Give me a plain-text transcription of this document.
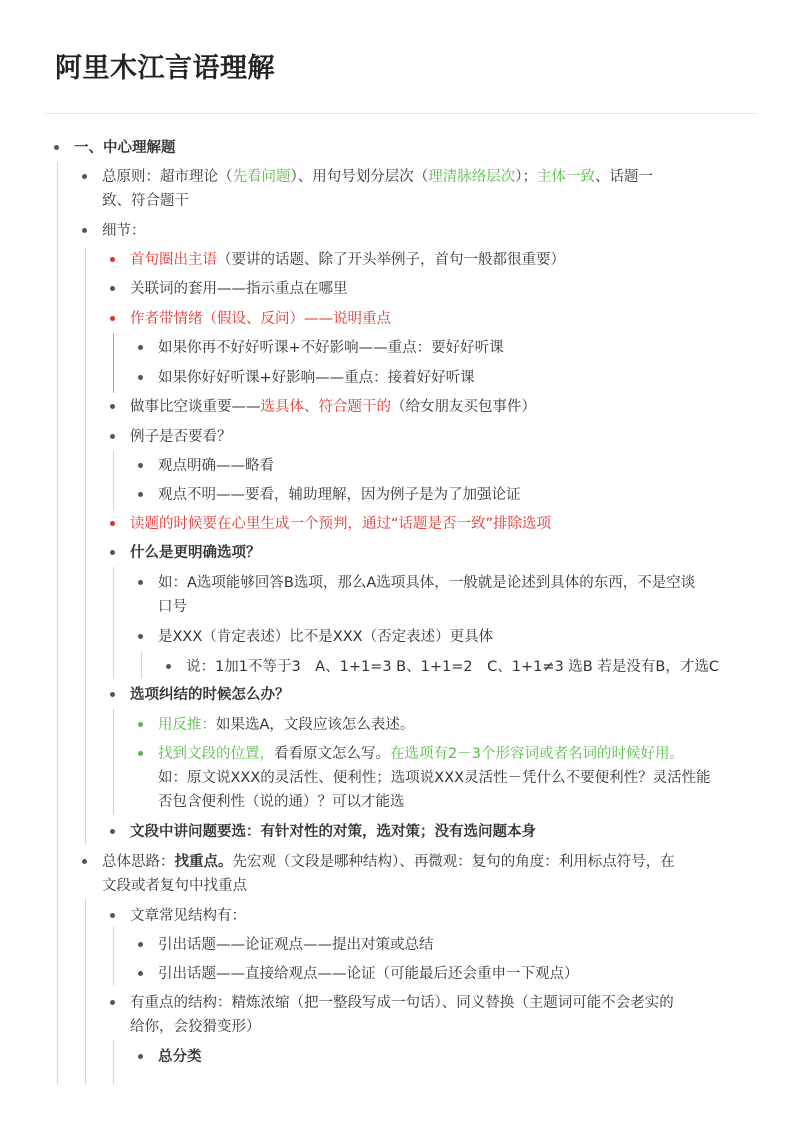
阿里木江言语理解
一、中心理解题
总原则：超市理论（先看问题）、用句号划分层次（理清脉络层次）；主体一致、话题一
致、符合题干
细节：
首句圈出主语（要讲的话题、除了开头举例子，首句一般都很重要）
关联词的套用——指示重点在哪里
作者带情绪（假设、反问）——说明重点
如果你再不好好听课+不好影响——重点：要好好听课
如果你好好听课+好影响——重点：接着好好听课
做事比空谈重要——选具体、符合题干的（给女朋友买包事件）
例子是否要看？
观点明确——略看
观点不明——要看，辅助理解，因为例子是为了加强论证
读题的时候要在心里生成一个预判，通过“话题是否一致”排除选项
什么是更明确选项？
如：A选项能够回答B选项，那么A选项具体，一般就是论述到具体的东西，不是空谈
口号
是XXX（肯定表述）比不是XXX（否定表述）更具体
说：1加1不等于3　A、1+1=3 B、1+1=2　C、1+1≠3 选B 若是没有B，才选C
选项纠结的时候怎么办？
用反推：如果选A，文段应该怎么表述。
找到文段的位置，看看原文怎么写。在选项有2－3个形容词或者名词的时候好用。
如：原文说XXX的灵活性、便利性；选项说XXX灵活性－凭什么不要便利性？灵活性能
否包含便利性（说的通）？可以才能选
文段中讲问题要选：有针对性的对策，选对策；没有选问题本身
总体思路：找重点。先宏观（文段是哪种结构）、再微观：复句的角度：利用标点符号，在
文段或者复句中找重点
文章常见结构有：
引出话题——论证观点——提出对策或总结
引出话题——直接给观点——论证（可能最后还会重申一下观点）
有重点的结构：精炼浓缩（把一整段写成一句话）、同义替换（主题词可能不会老实的
给你，会狡猾变形）
总分类
